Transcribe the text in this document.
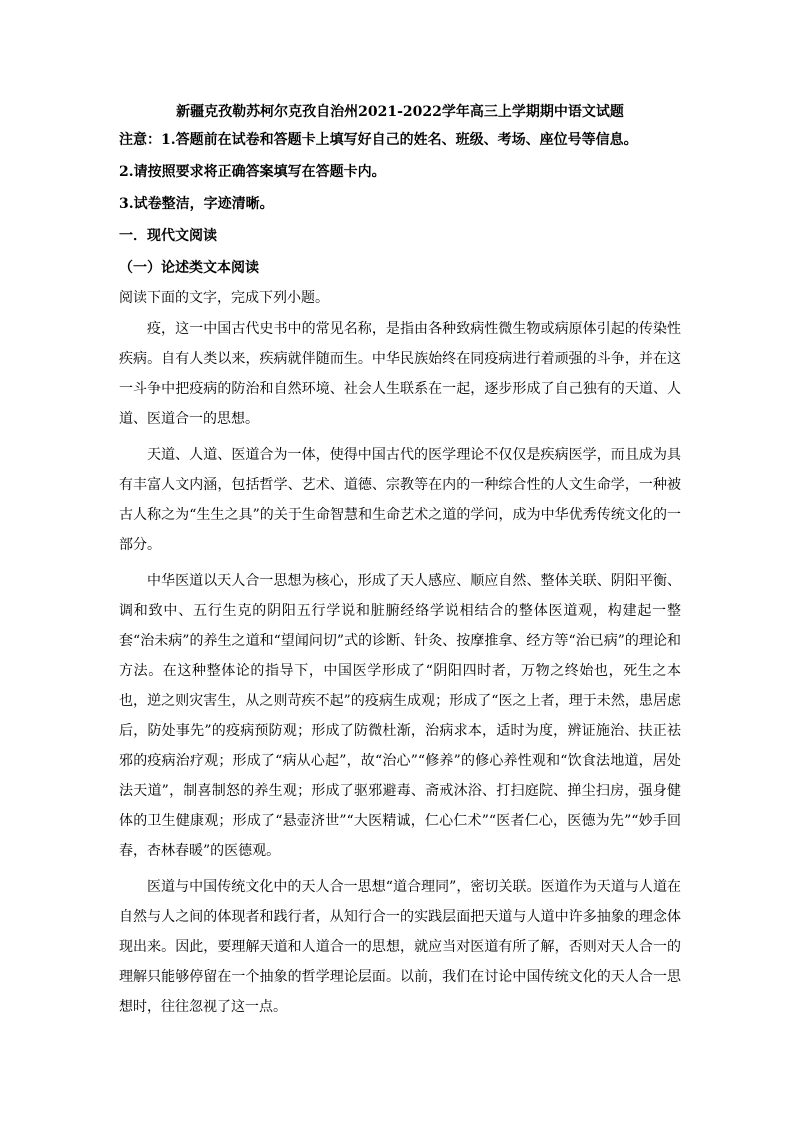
新疆克孜勒苏柯尔克孜自治州2021-2022学年高三上学期期中语文试题
注意：1.答题前在试卷和答题卡上填写好自己的姓名、班级、考场、座位号等信息。
2.请按照要求将正确答案填写在答题卡内。
3.试卷整洁，字迹清晰。
一．现代文阅读
（一）论述类文本阅读
阅读下面的文字，完成下列小题。

疫，这一中国古代史书中的常见名称，是指由各种致病性微生物或病原体引起的传染性疾病。自有人类以来，疾病就伴随而生。中华民族始终在同疫病进行着顽强的斗争，并在这一斗争中把疫病的防治和自然环境、社会人生联系在一起，逐步形成了自己独有的天道、人道、医道合一的思想。

天道、人道、医道合为一体，使得中国古代的医学理论不仅仅是疾病医学，而且成为具有丰富人文内涵，包括哲学、艺术、道德、宗教等在内的一种综合性的人文生命学，一种被古人称之为“生生之具”的关于生命智慧和生命艺术之道的学问，成为中华优秀传统文化的一部分。

中华医道以天人合一思想为核心，形成了天人感应、顺应自然、整体关联、阴阳平衡、调和致中、五行生克的阴阳五行学说和脏腑经络学说相结合的整体医道观，构建起一整套“治未病”的养生之道和“望闻问切”式的诊断、针灸、按摩推拿、经方等“治已病”的理论和方法。在这种整体论的指导下，中国医学形成了“阴阳四时者，万物之终始也，死生之本也，逆之则灾害生，从之则苛疾不起”的疫病生成观；形成了“医之上者，理于未然，患居虑后，防处事先”的疫病预防观；形成了防微杜渐，治病求本，适时为度，辨证施治、扶正祛邪的疫病治疗观；形成了“病从心起”，故“治心”“修养”的修心养性观和“饮食法地道，居处法天道”，制喜制怒的养生观；形成了驱邪避毒、斋戒沐浴、打扫庭院、掸尘扫房，强身健体的卫生健康观；形成了“悬壶济世”“大医精诚，仁心仁术”“医者仁心，医德为先”“妙手回春，杏林春暖”的医德观。

医道与中国传统文化中的天人合一思想“道合理同”，密切关联。医道作为天道与人道在自然与人之间的体现者和践行者，从知行合一的实践层面把天道与人道中许多抽象的理念体现出来。因此，要理解天道和人道合一的思想，就应当对医道有所了解，否则对天人合一的理解只能够停留在一个抽象的哲学理论层面。以前，我们在讨论中国传统文化的天人合一思想时，往往忽视了这一点。
